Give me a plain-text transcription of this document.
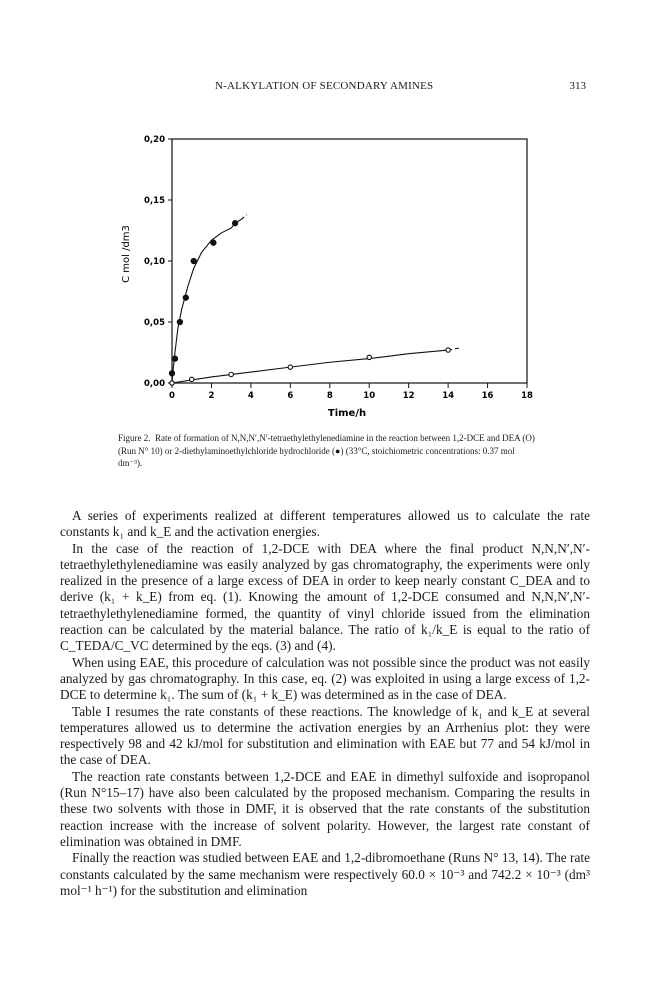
N-ALKYLATION OF SECONDARY AMINES	313
0,00
0,05
0,10
0,15
0,20
0	2	4	6	8	10	12	14	16	18
C mol /dm3
Time/h
Figure 2. Rate of formation of N,N,N′,N′-tetraethylethylenediamine in the reaction between 1,2-DCE and DEA (O) (Run N° 10) or 2-diethylaminoethylchloride hydrochloride (●) (33°C, stoichiometric concentrations: 0.37 mol dm⁻³).

A series of experiments realized at different temperatures allowed us to calculate the rate constants k₁ and k_E and the activation energies.

In the case of the reaction of 1,2-DCE with DEA where the final product N,N,N′,N′-tetraethylethylenediamine was easily analyzed by gas chromatography, the experiments were only realized in the presence of a large excess of DEA in order to keep nearly constant C_DEA and to derive (k₁ + k_E) from eq. (1). Knowing the amount of 1,2-DCE consumed and N,N,N′,N′-tetraethylethylenediamine formed, the quantity of vinyl chloride issued from the elimination reaction can be calculated by the material balance. The ratio of k₁/k_E is equal to the ratio of C_TEDA/C_VC determined by the eqs. (3) and (4).

When using EAE, this procedure of calculation was not possible since the product was not easily analyzed by gas chromatography. In this case, eq. (2) was exploited in using a large excess of 1,2-DCE to determine k₁. The sum of (k₁ + k_E) was determined as in the case of DEA.

Table I resumes the rate constants of these reactions. The knowledge of k₁ and k_E at several temperatures allowed us to determine the activation energies by an Arrhenius plot: they were respectively 98 and 42 kJ/mol for substitution and elimination with EAE but 77 and 54 kJ/mol in the case of DEA.

The reaction rate constants between 1,2-DCE and EAE in dimethyl sulfoxide and isopropanol (Run N°15–17) have also been calculated by the proposed mechanism. Comparing the results in these two solvents with those in DMF, it is observed that the rate constants of the substitution reaction increase with the increase of solvent polarity. However, the largest rate constant of elimination was obtained in DMF.

Finally the reaction was studied between EAE and 1,2-dibromoethane (Runs N° 13, 14). The rate constants calculated by the same mechanism were respectively 60.0 × 10⁻³ and 742.2 × 10⁻³ (dm³ mol⁻¹ h⁻¹) for the substitution and elimination
